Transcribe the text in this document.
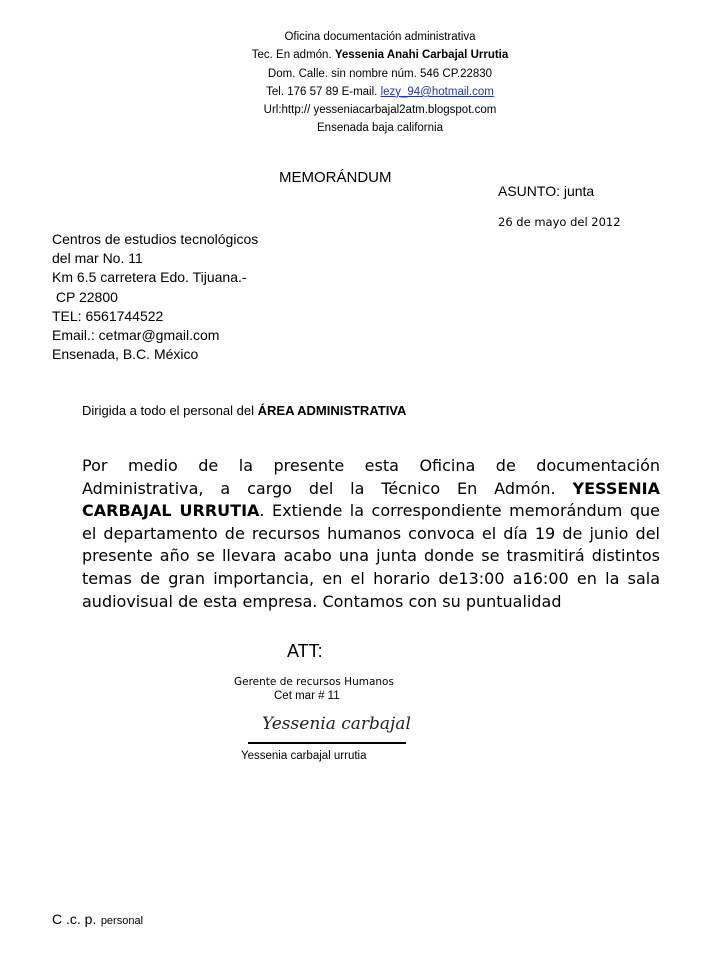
Oficina documentación administrativa
Tec. En admón. Yessenia Anahi Carbajal Urrutia
Dom. Calle. sin nombre núm. 546 CP.22830
Tel. 176 57 89 E-mail. lezy_94@hotmail.com
Url:http:// yesseniacarbajal2atm.blogspot.com
Ensenada baja california
MEMORÁNDUM
ASUNTO: junta
26 de mayo del 2012
Centros de estudios tecnológicos
del mar No. 11
Km 6.5 carretera Edo. Tijuana.-
CP 22800
TEL: 6561744522
Email.: cetmar@gmail.com
Ensenada, B.C. México
Dirigida a todo el personal del ÁREA ADMINISTRATIVA
Por medio de la presente esta Oficina de documentación Administrativa, a cargo del la Técnico En Admón. YESSENIA CARBAJAL URRUTIA. Extiende la correspondiente memorándum que el departamento de recursos humanos convoca el día 19 de junio del presente año se llevara acabo una junta donde se trasmitirá distintos temas de gran importancia, en el horario de13:00 a16:00 en la sala audiovisual de esta empresa. Contamos con su puntualidad
ATT:
Gerente de recursos Humanos
Cet mar # 11
Yessenia carbajal
Yessenia carbajal urrutia
C .c. p. personal
